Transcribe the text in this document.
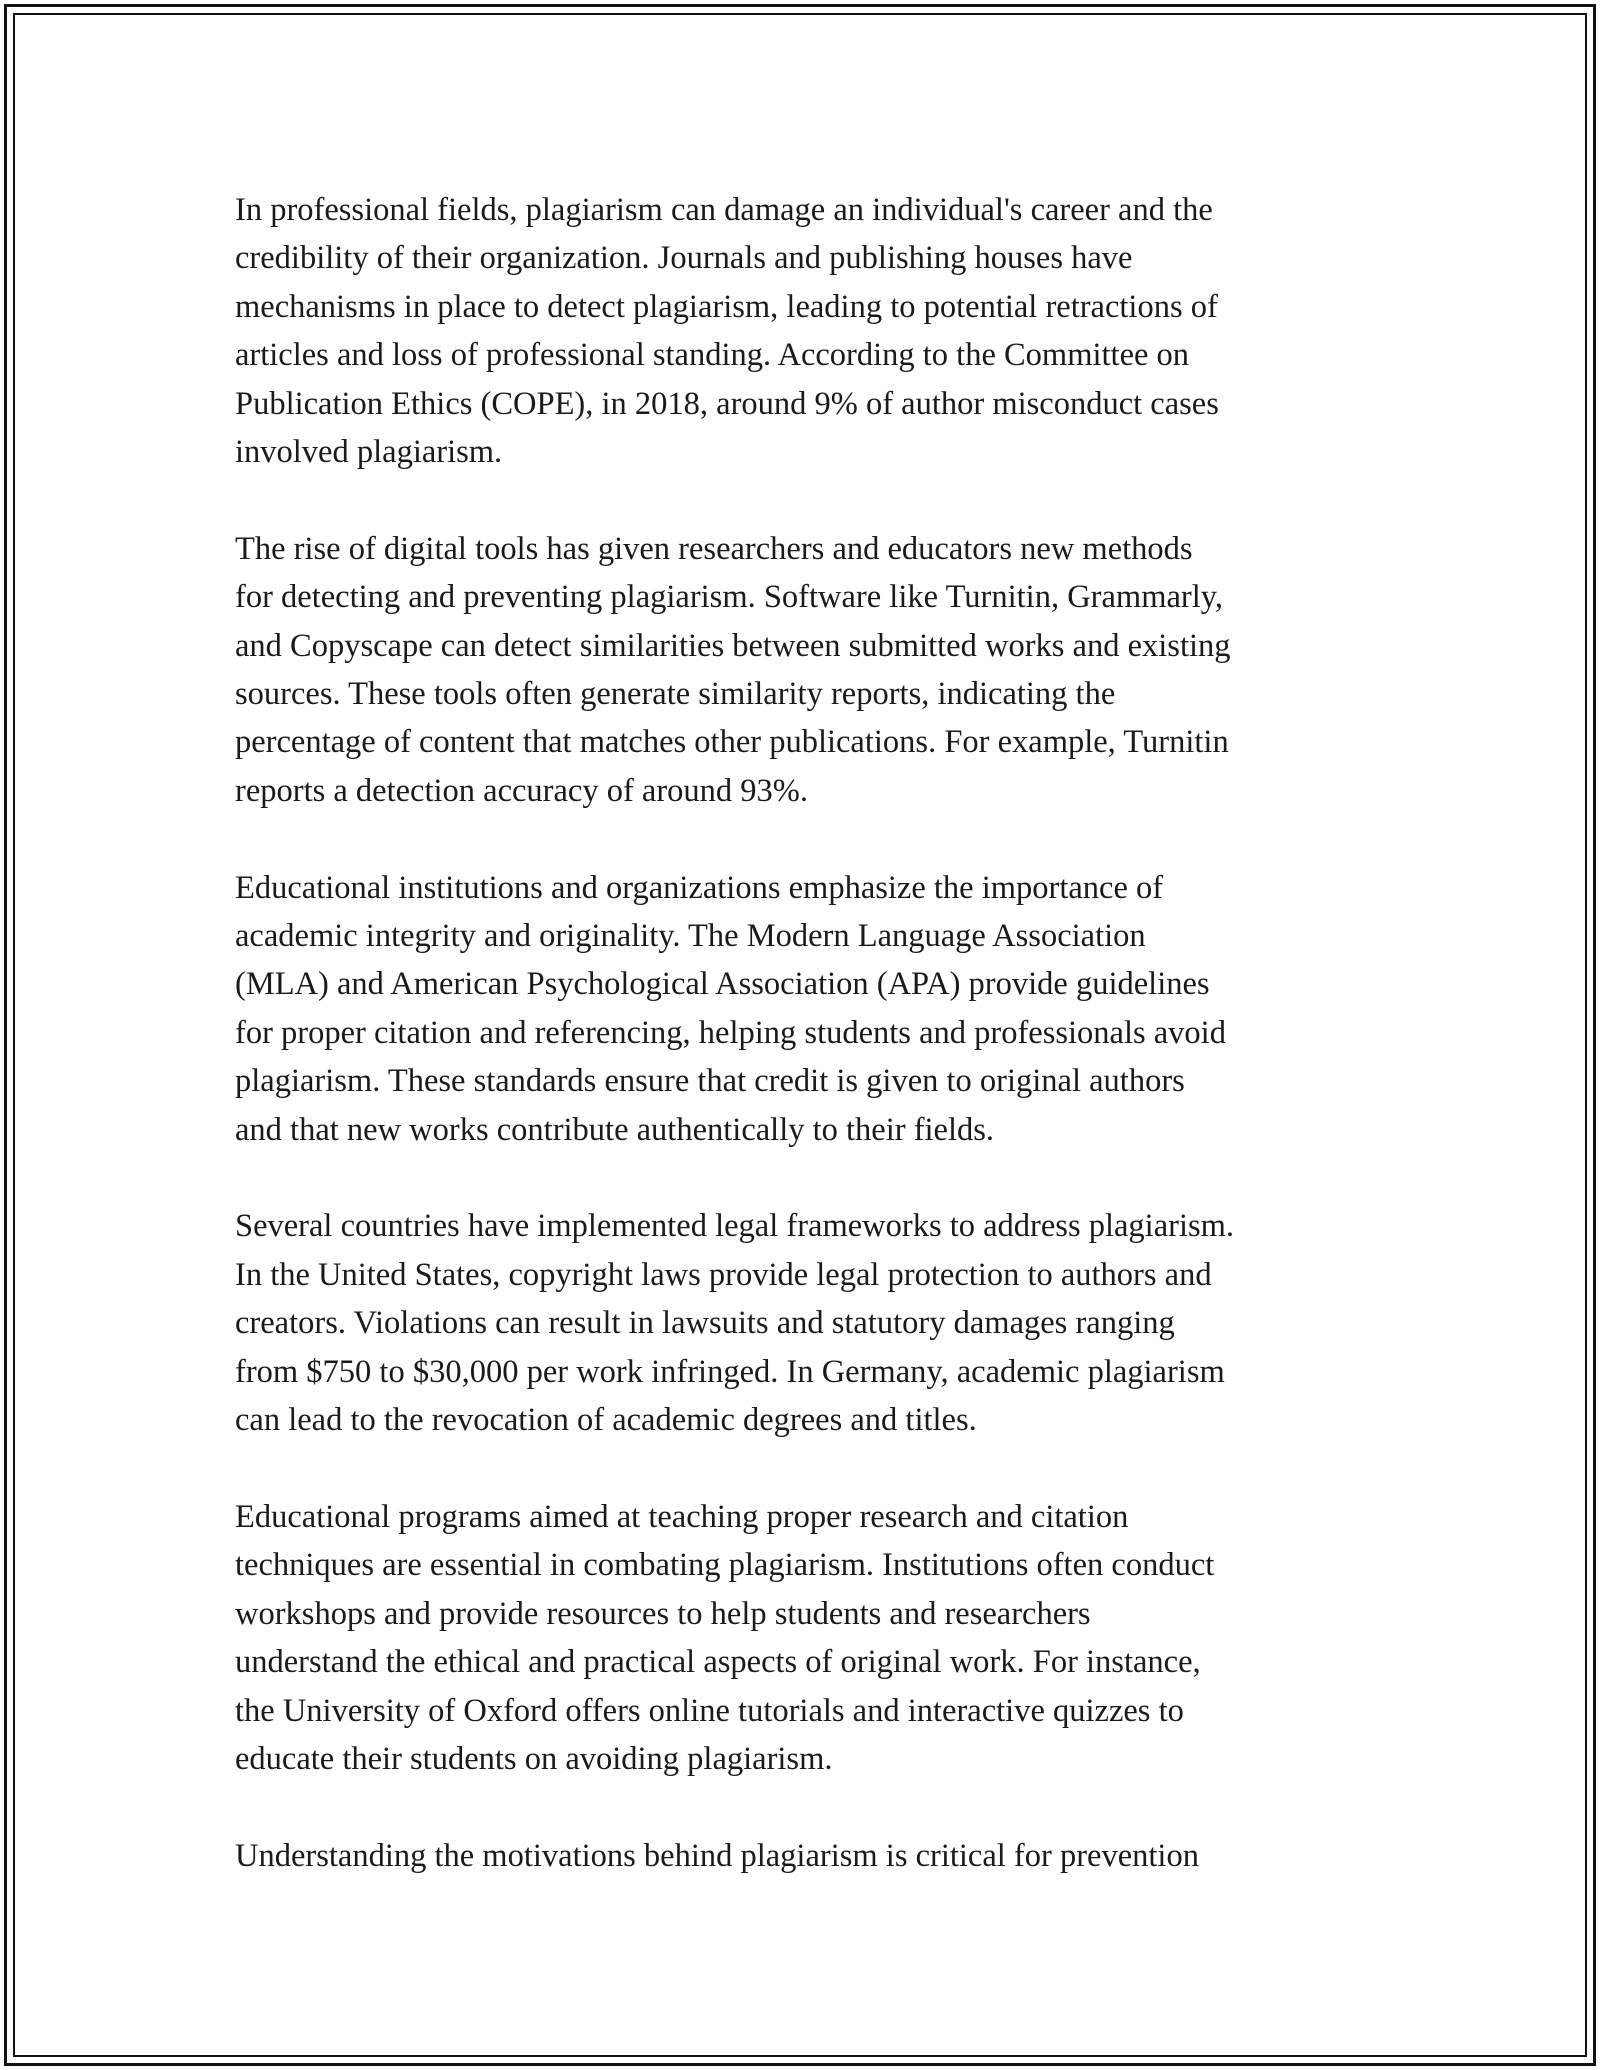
In professional fields, plagiarism can damage an individual's career and the
credibility of their organization. Journals and publishing houses have
mechanisms in place to detect plagiarism, leading to potential retractions of
articles and loss of professional standing. According to the Committee on
Publication Ethics (COPE), in 2018, around 9% of author misconduct cases
involved plagiarism.

The rise of digital tools has given researchers and educators new methods
for detecting and preventing plagiarism. Software like Turnitin, Grammarly,
and Copyscape can detect similarities between submitted works and existing
sources. These tools often generate similarity reports, indicating the
percentage of content that matches other publications. For example, Turnitin
reports a detection accuracy of around 93%.

Educational institutions and organizations emphasize the importance of
academic integrity and originality. The Modern Language Association
(MLA) and American Psychological Association (APA) provide guidelines
for proper citation and referencing, helping students and professionals avoid
plagiarism. These standards ensure that credit is given to original authors
and that new works contribute authentically to their fields.

Several countries have implemented legal frameworks to address plagiarism.
In the United States, copyright laws provide legal protection to authors and
creators. Violations can result in lawsuits and statutory damages ranging
from $750 to $30,000 per work infringed. In Germany, academic plagiarism
can lead to the revocation of academic degrees and titles.

Educational programs aimed at teaching proper research and citation
techniques are essential in combating plagiarism. Institutions often conduct
workshops and provide resources to help students and researchers
understand the ethical and practical aspects of original work. For instance,
the University of Oxford offers online tutorials and interactive quizzes to
educate their students on avoiding plagiarism.

Understanding the motivations behind plagiarism is critical for prevention
